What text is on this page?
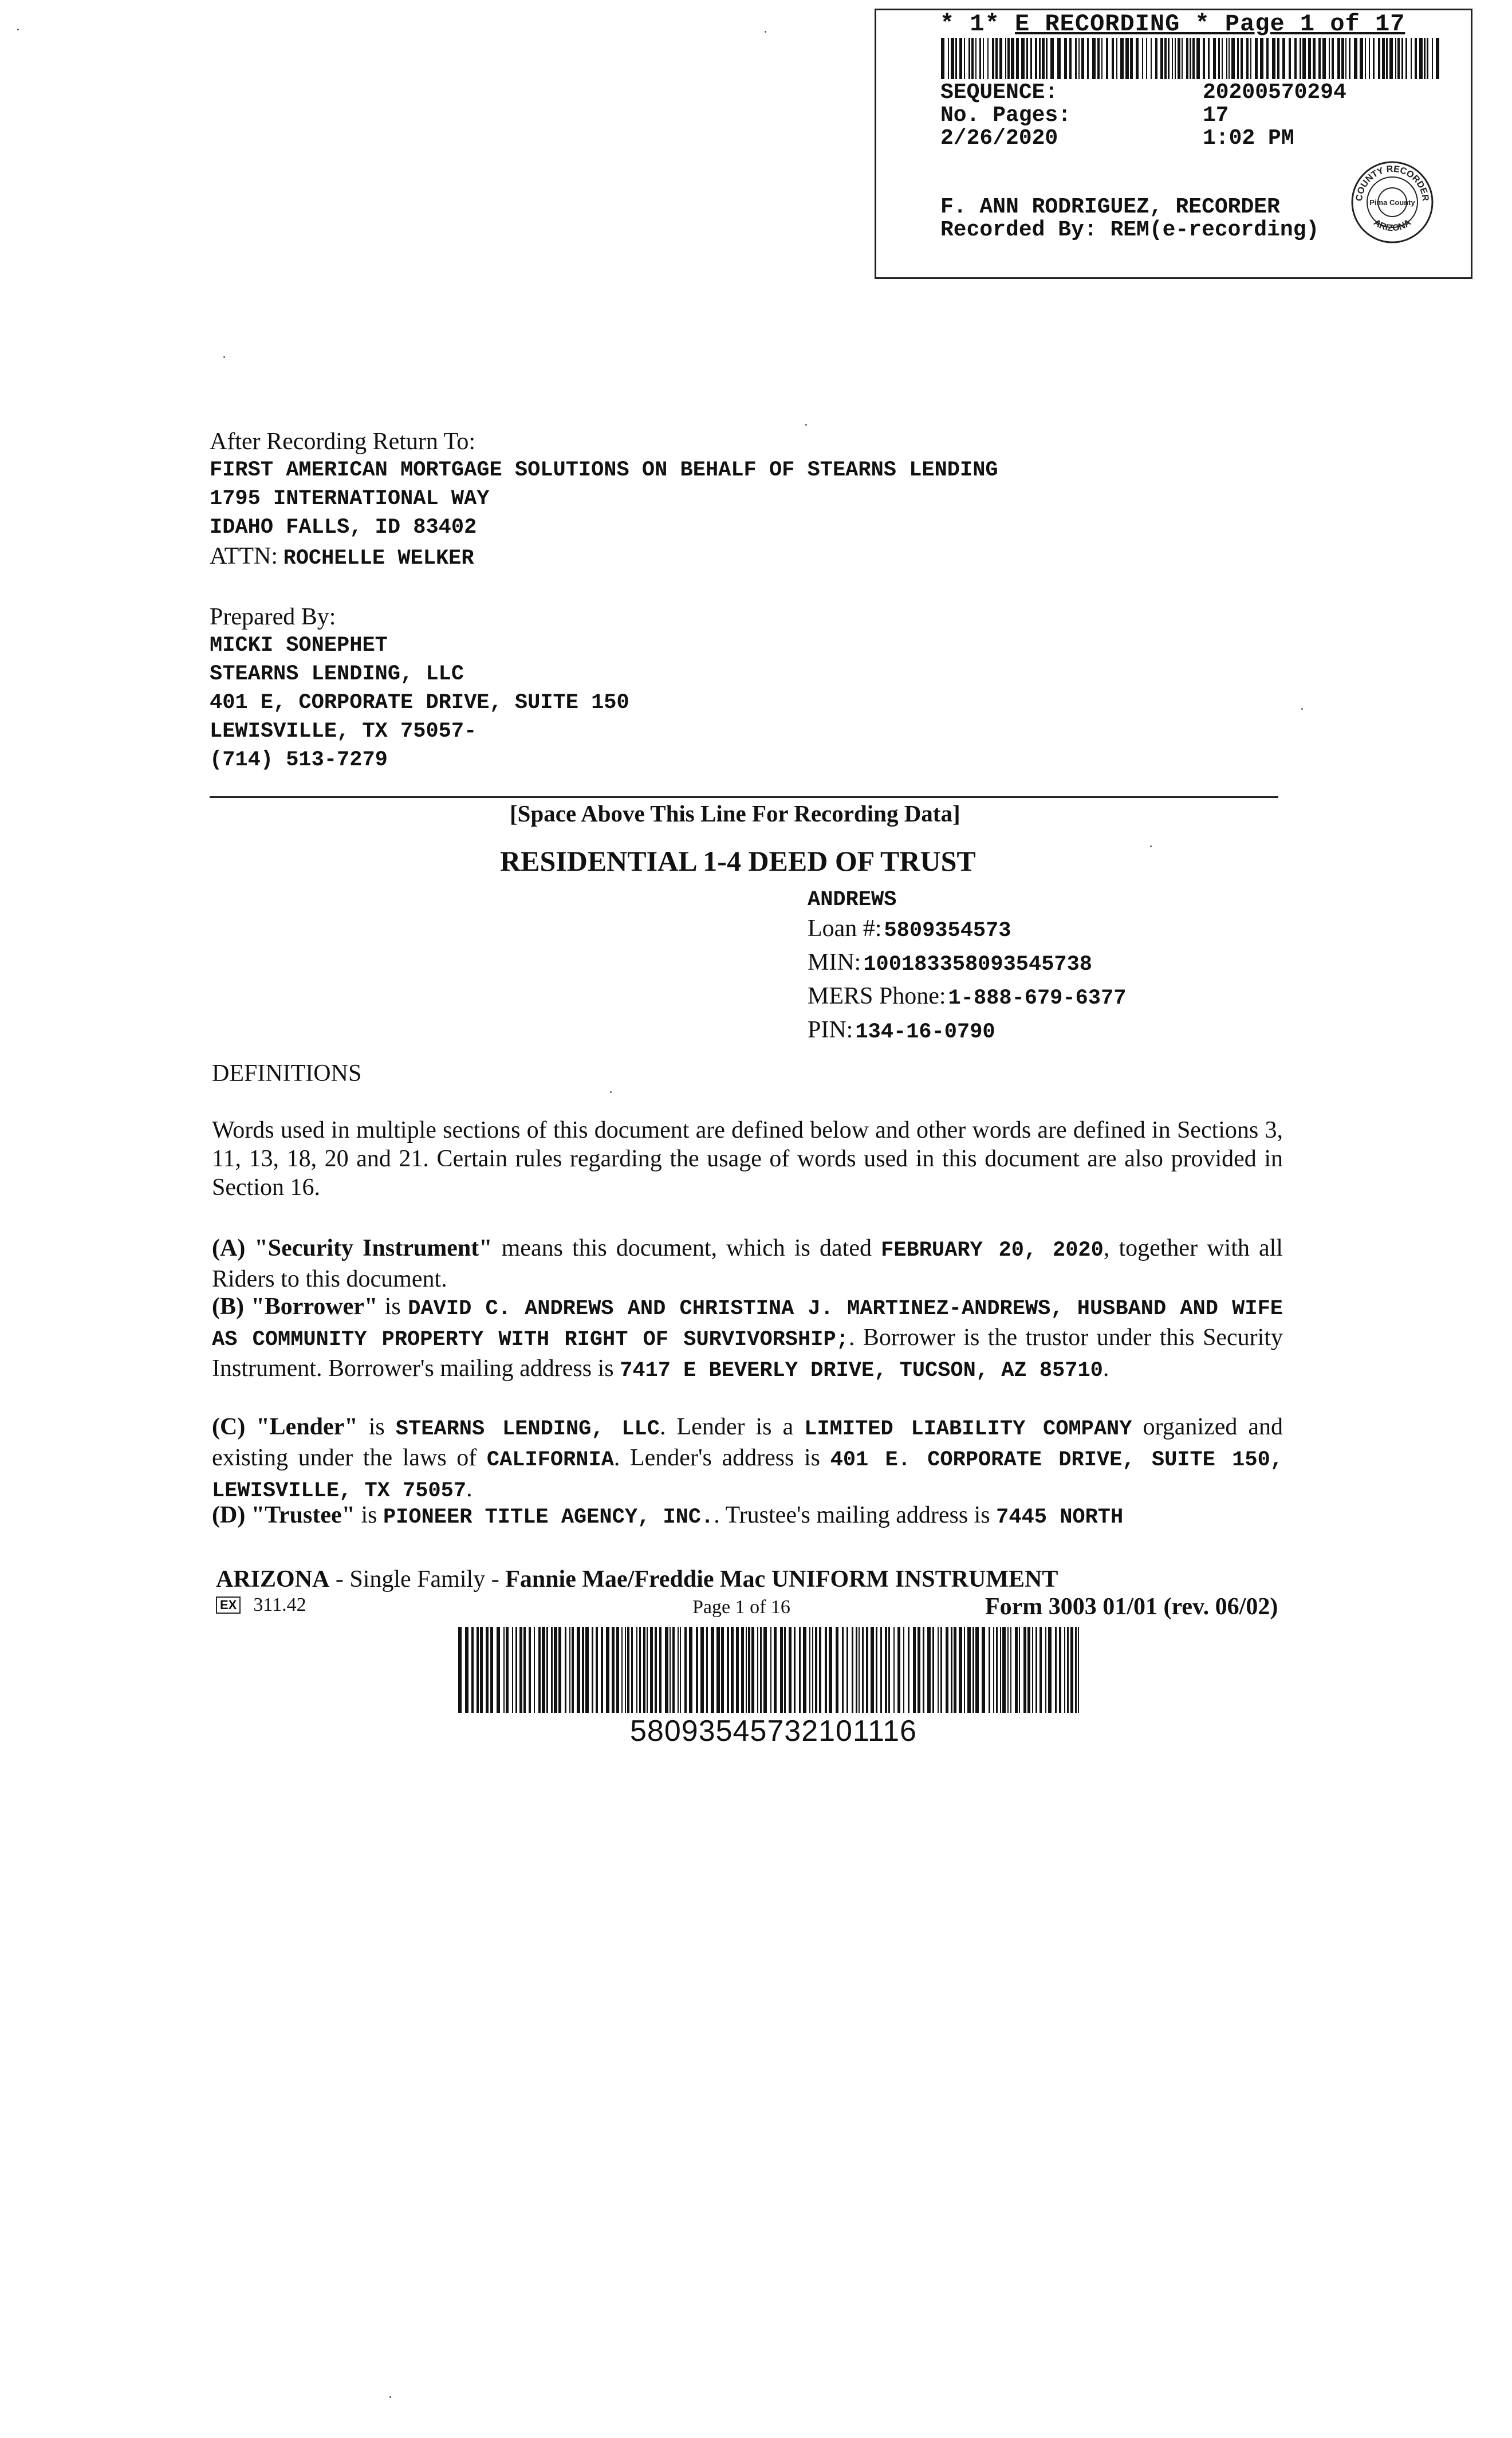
* 1* E RECORDING * Page 1 of 17
SEQUENCE:	20200570294
No. Pages:	17
2/26/2020	1:02 PM
F. ANN RODRIGUEZ, RECORDER
Recorded By: REM(e-recording)
COUNTY RECORDER
Pima County
ARIZONA
After Recording Return To:
FIRST AMERICAN MORTGAGE SOLUTIONS ON BEHALF OF STEARNS LENDING
1795 INTERNATIONAL WAY
IDAHO FALLS, ID 83402
ATTN: ROCHELLE WELKER
Prepared By:
MICKI SONEPHET
STEARNS LENDING, LLC
401 E, CORPORATE DRIVE, SUITE 150
LEWISVILLE, TX 75057-
(714) 513-7279
[Space Above This Line For Recording Data]
RESIDENTIAL 1-4 DEED OF TRUST
ANDREWS
Loan #: 5809354573
MIN: 100183358093545738
MERS Phone: 1-888-679-6377
PIN: 134-16-0790
DEFINITIONS
Words used in multiple sections of this document are defined below and other words are defined in Sections 3, 11, 13, 18, 20 and 21. Certain rules regarding the usage of words used in this document are also provided in Section 16.
(A) "Security Instrument" means this document, which is dated FEBRUARY 20, 2020, together with all Riders to this document.
(B) "Borrower" is DAVID C. ANDREWS AND CHRISTINA J. MARTINEZ-ANDREWS, HUSBAND AND WIFE AS COMMUNITY PROPERTY WITH RIGHT OF SURVIVORSHIP;. Borrower is the trustor under this Security Instrument. Borrower's mailing address is 7417 E BEVERLY DRIVE, TUCSON, AZ 85710.
(C) "Lender" is STEARNS LENDING, LLC. Lender is a LIMITED LIABILITY COMPANY organized and existing under the laws of CALIFORNIA. Lender's address is 401 E. CORPORATE DRIVE, SUITE 150, LEWISVILLE, TX 75057.
(D) "Trustee" is PIONEER TITLE AGENCY, INC.. Trustee's mailing address is 7445 NORTH
ARIZONA - Single Family - Fannie Mae/Freddie Mac UNIFORM INSTRUMENT
EX 311.42	Page 1 of 16	Form 3003 01/01 (rev. 06/02)
58093545732101116
